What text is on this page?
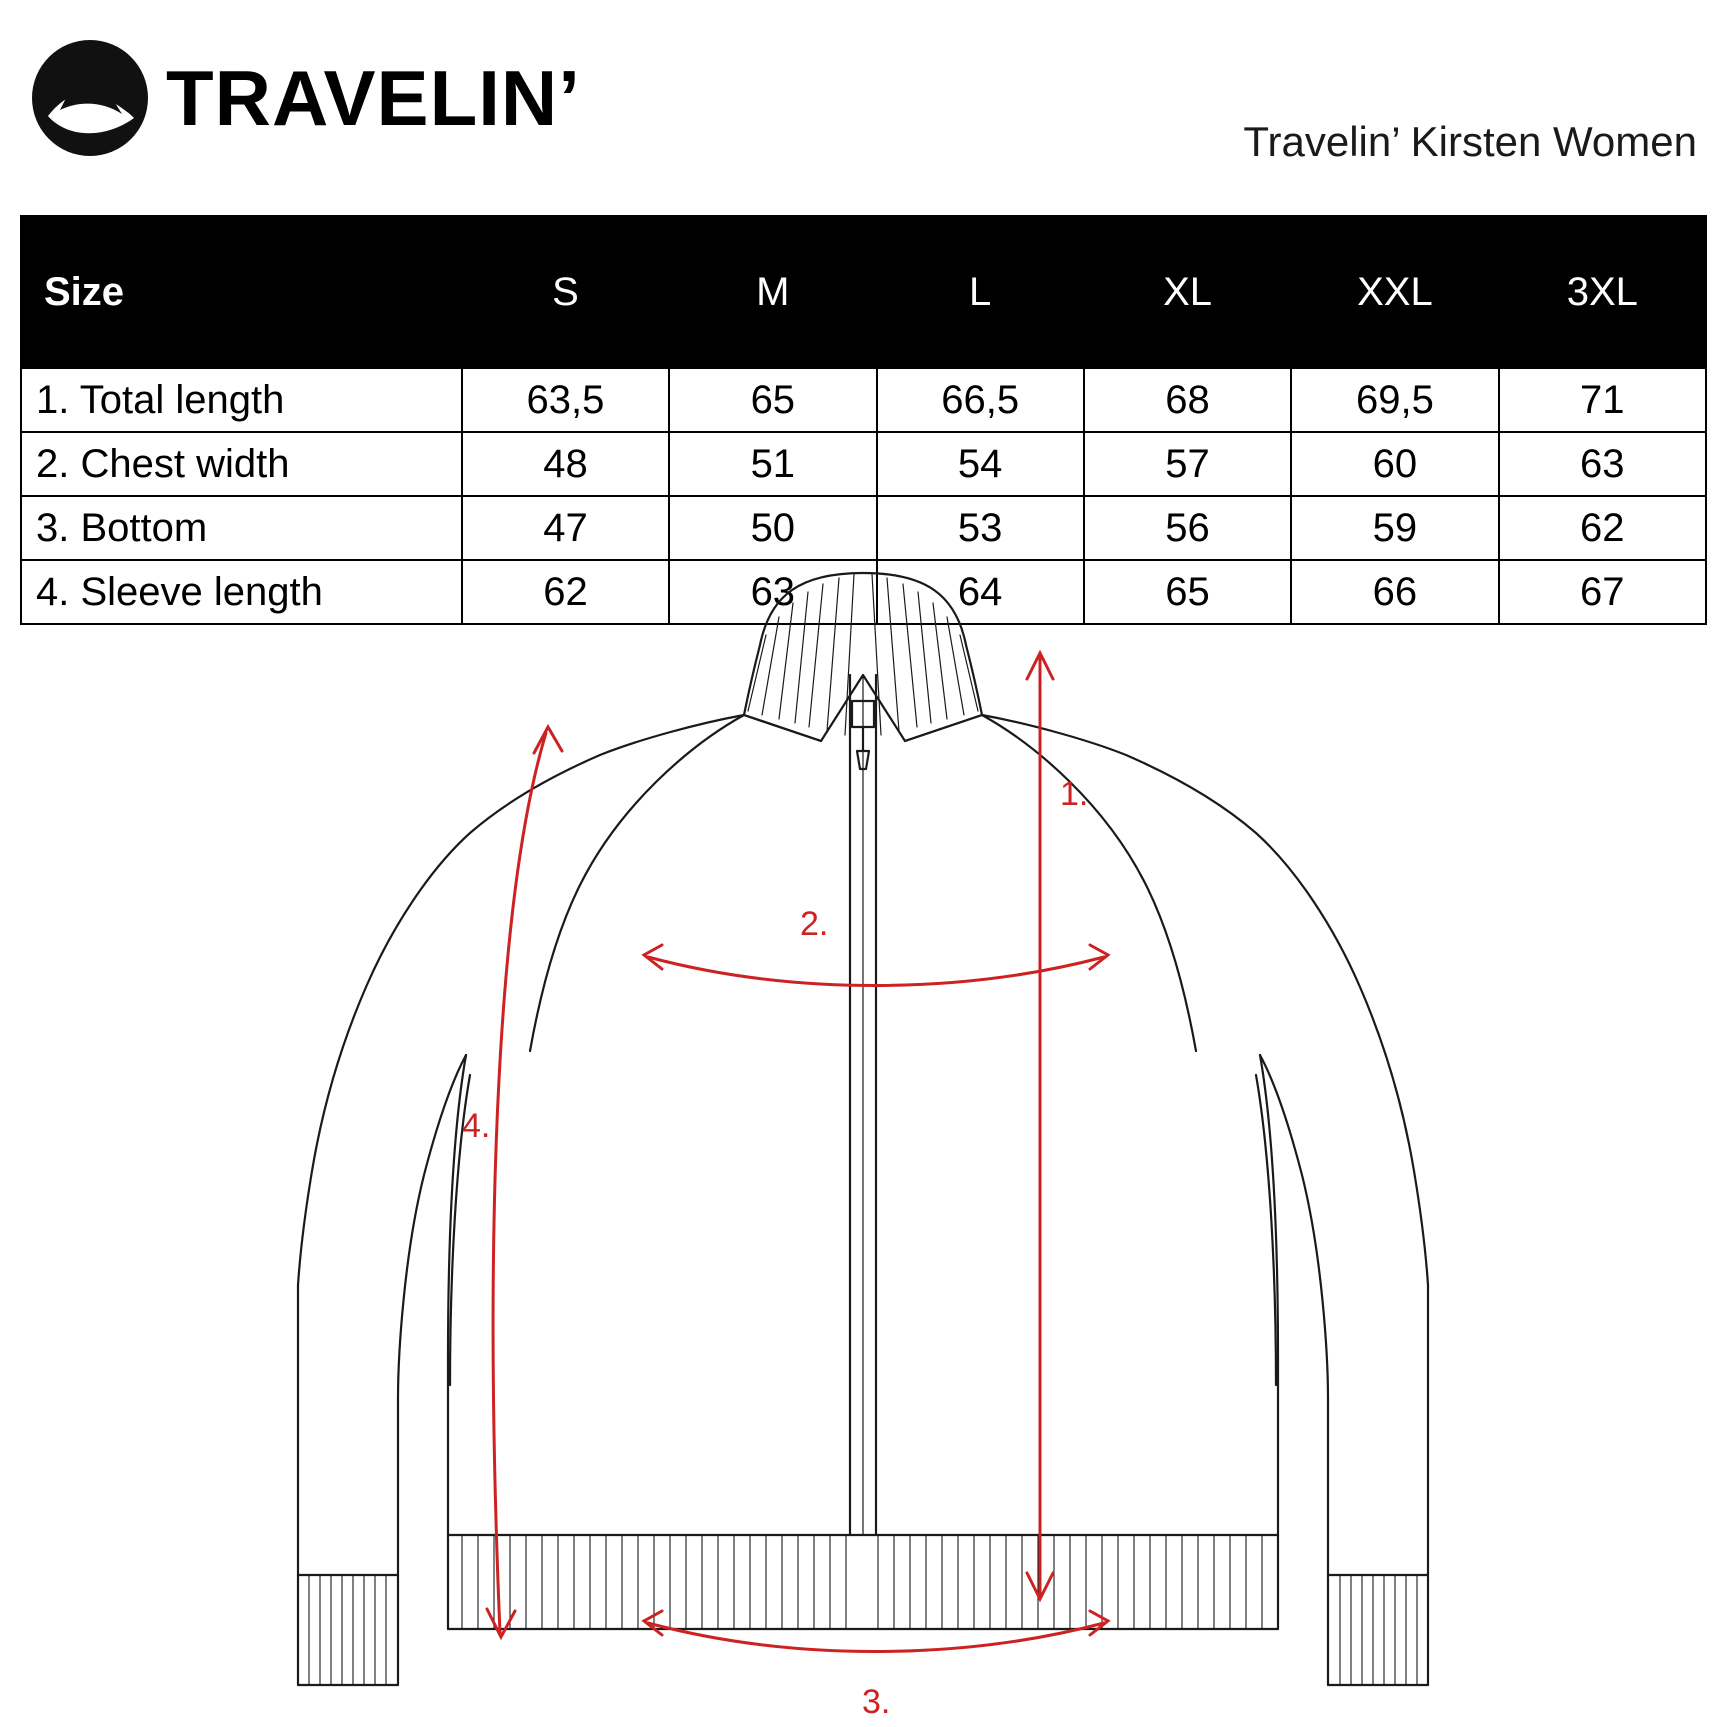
TRAVELIN’	Travelin’ Kirsten Women
Size	S	M	L	XL	XXL	3XL
1. Total length	63,5	65	66,5	68	69,5	71
2. Chest width	48	51	54	57	60	63
3. Bottom	47	50	53	56	59	62
4. Sleeve length	62	63	64	65	66	67
1.
2.
3.
4.
